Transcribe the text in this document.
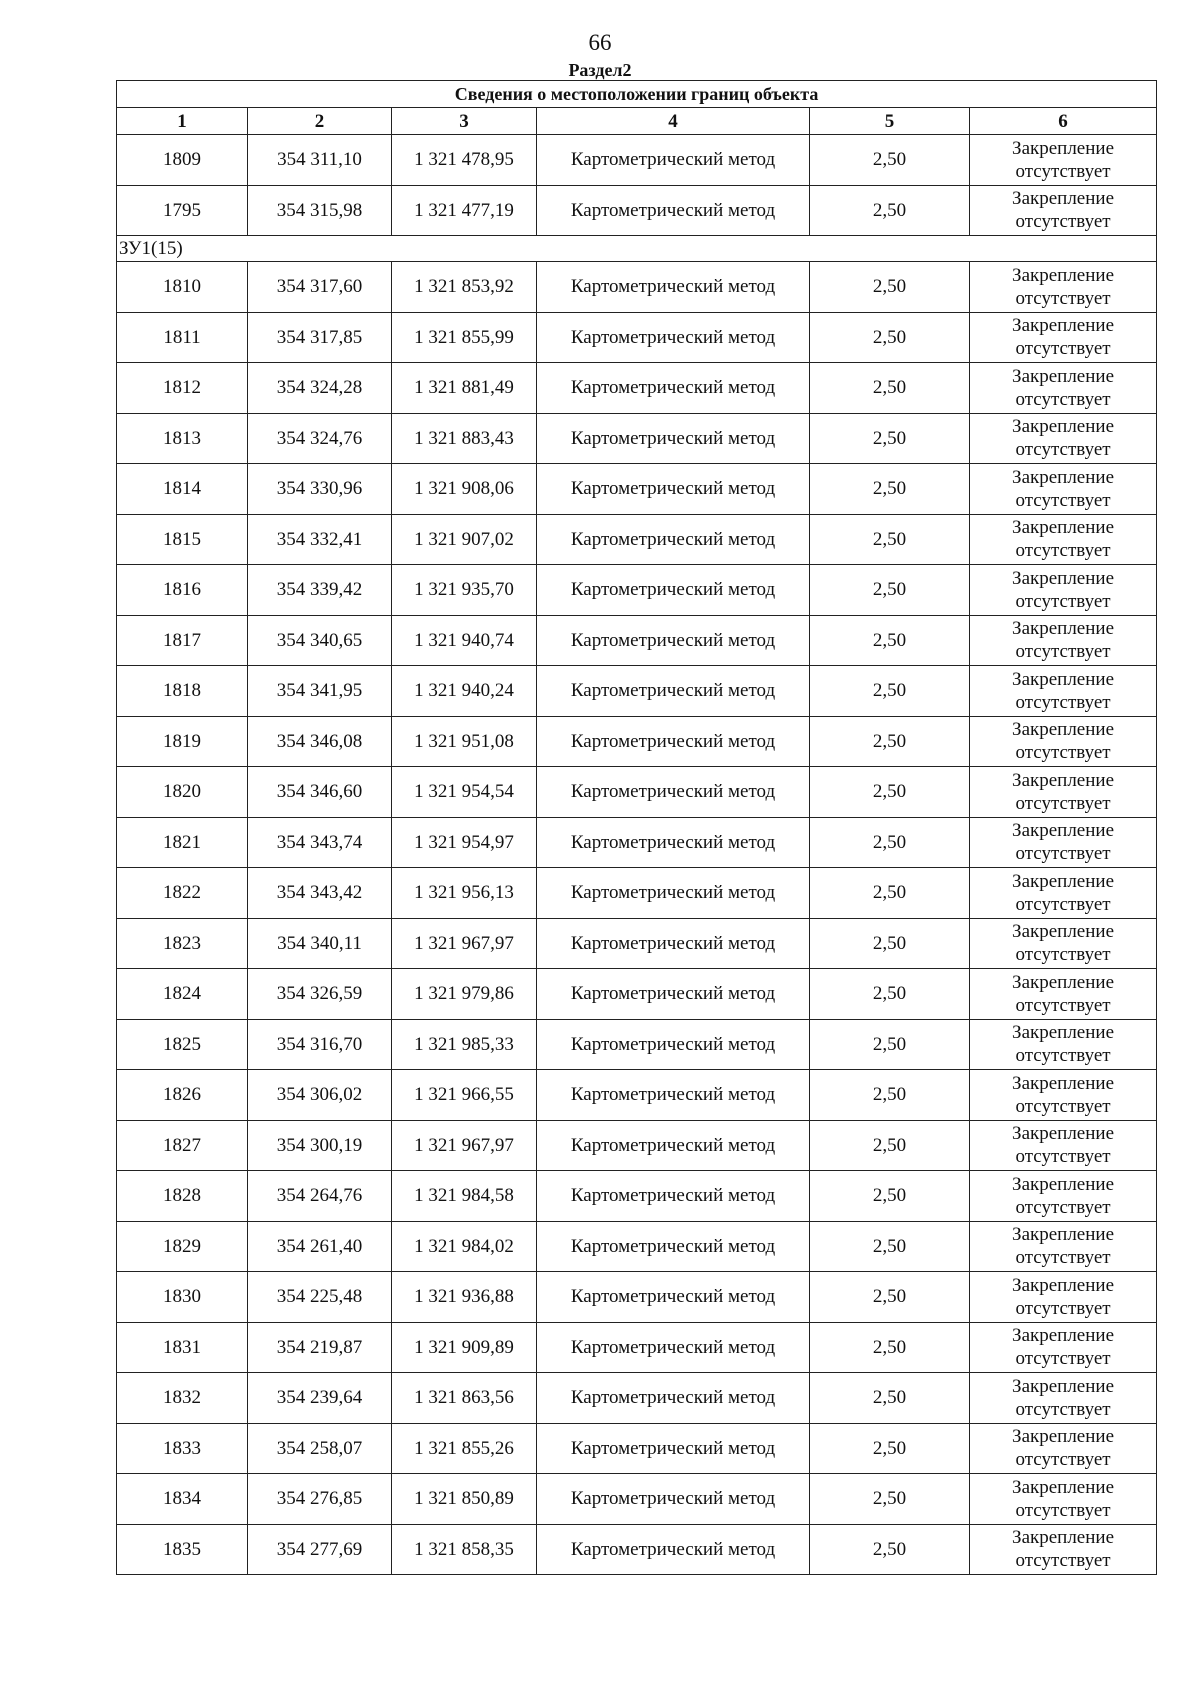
66
Раздел2
Сведения о местоположении границ объекта					
1	2	3	4	5	6
1809	354 311,10	1 321 478,95	Картометрический метод	2,50	Закрепление
отсутствует

1795	354 315,98	1 321 477,19	Картометрический метод	2,50	Закрепление
отсутствует

ЗУ1(15)					
1810	354 317,60	1 321 853,92	Картометрический метод	2,50	Закрепление
отсутствует

1811	354 317,85	1 321 855,99	Картометрический метод	2,50	Закрепление
отсутствует

1812	354 324,28	1 321 881,49	Картометрический метод	2,50	Закрепление
отсутствует

1813	354 324,76	1 321 883,43	Картометрический метод	2,50	Закрепление
отсутствует

1814	354 330,96	1 321 908,06	Картометрический метод	2,50	Закрепление
отсутствует

1815	354 332,41	1 321 907,02	Картометрический метод	2,50	Закрепление
отсутствует

1816	354 339,42	1 321 935,70	Картометрический метод	2,50	Закрепление
отсутствует

1817	354 340,65	1 321 940,74	Картометрический метод	2,50	Закрепление
отсутствует

1818	354 341,95	1 321 940,24	Картометрический метод	2,50	Закрепление
отсутствует

1819	354 346,08	1 321 951,08	Картометрический метод	2,50	Закрепление
отсутствует

1820	354 346,60	1 321 954,54	Картометрический метод	2,50	Закрепление
отсутствует

1821	354 343,74	1 321 954,97	Картометрический метод	2,50	Закрепление
отсутствует

1822	354 343,42	1 321 956,13	Картометрический метод	2,50	Закрепление
отсутствует

1823	354 340,11	1 321 967,97	Картометрический метод	2,50	Закрепление
отсутствует

1824	354 326,59	1 321 979,86	Картометрический метод	2,50	Закрепление
отсутствует

1825	354 316,70	1 321 985,33	Картометрический метод	2,50	Закрепление
отсутствует

1826	354 306,02	1 321 966,55	Картометрический метод	2,50	Закрепление
отсутствует

1827	354 300,19	1 321 967,97	Картометрический метод	2,50	Закрепление
отсутствует

1828	354 264,76	1 321 984,58	Картометрический метод	2,50	Закрепление
отсутствует

1829	354 261,40	1 321 984,02	Картометрический метод	2,50	Закрепление
отсутствует

1830	354 225,48	1 321 936,88	Картометрический метод	2,50	Закрепление
отсутствует

1831	354 219,87	1 321 909,89	Картометрический метод	2,50	Закрепление
отсутствует

1832	354 239,64	1 321 863,56	Картометрический метод	2,50	Закрепление
отсутствует

1833	354 258,07	1 321 855,26	Картометрический метод	2,50	Закрепление
отсутствует

1834	354 276,85	1 321 850,89	Картометрический метод	2,50	Закрепление
отсутствует

1835	354 277,69	1 321 858,35	Картометрический метод	2,50	Закрепление
отсутствует
